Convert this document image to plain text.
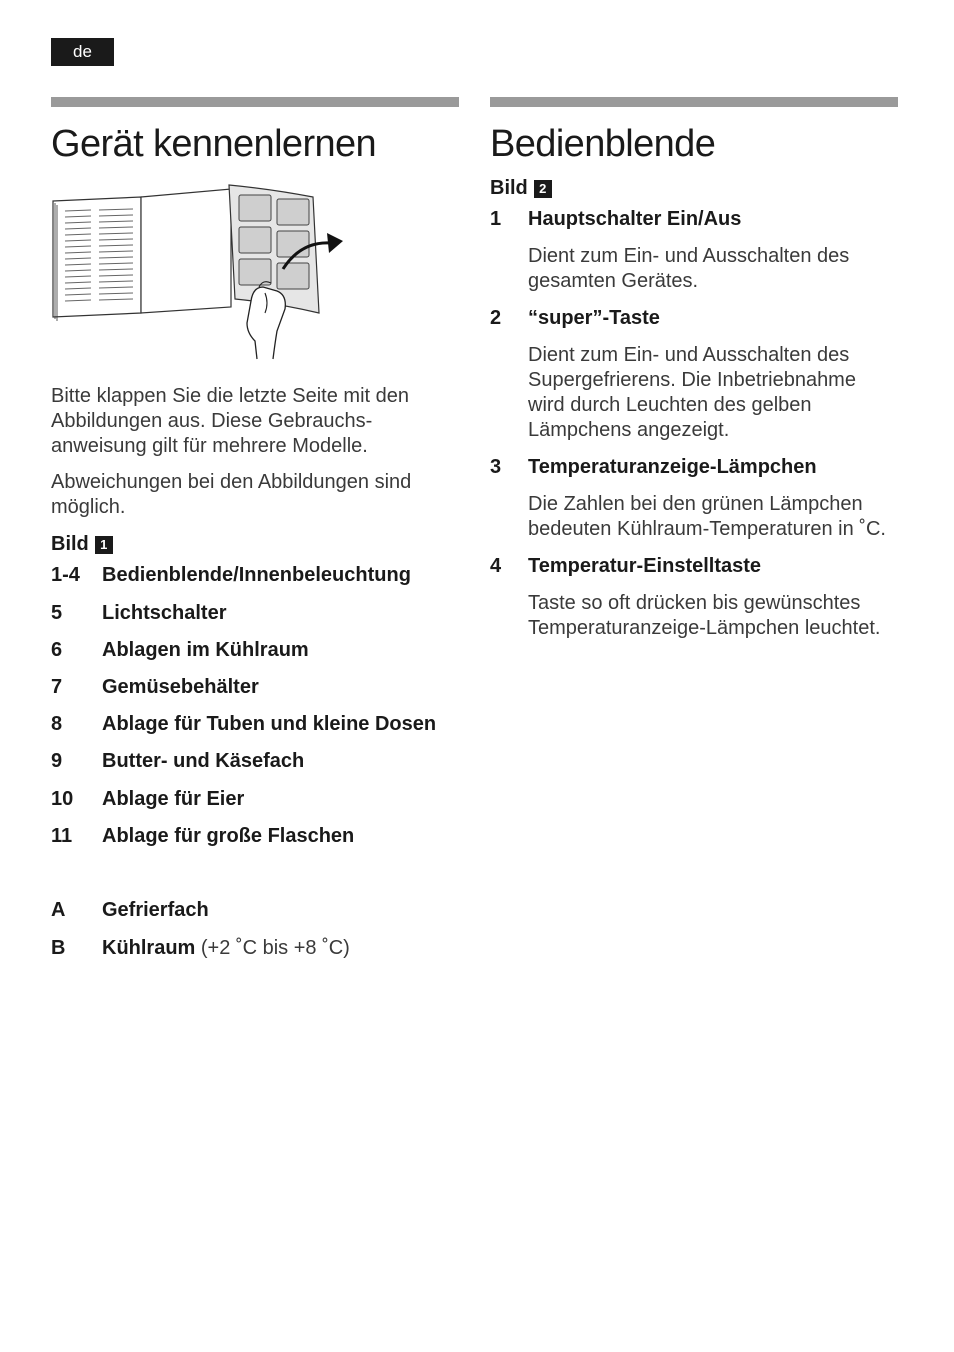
de
Gerät kennenlernen

Bitte klappen Sie die letzte Seite mit den

Abbildungen aus. Diese Gebrauchs-

anweisung gilt für mehrere Modelle.

Abweichungen bei den Abbildungen sind

möglich.

Bild 1
1-4	Bedienblende/Innenbeleuchtung
5	Lichtschalter
6	Ablagen im Kühlraum
7	Gemüsebehälter
8	Ablage für Tuben und kleine Dosen
9	Butter- und Käsefach
10	Ablage für Eier
11	Ablage für große Flaschen
A	Gefrierfach
B	Kühlraum (+2 ˚C bis +8 ˚C)
Bedienblende
Bild 2
1	Hauptschalter Ein/Aus
Dient zum Ein- und Ausschalten des gesamten Gerätes.
2	“super”-Taste
Dient zum Ein- und Ausschalten des Supergefrierens. Die Inbetriebnahme wird durch Leuchten des gelben Lämpchens angezeigt.
3	Temperaturanzeige-Lämpchen
Die Zahlen bei den grünen Lämpchen bedeuten Kühlraum-Temperaturen in ˚C.
4	Temperatur-Einstelltaste
Taste so oft drücken bis gewünschtes Temperaturanzeige-Lämpchen leuchtet.
